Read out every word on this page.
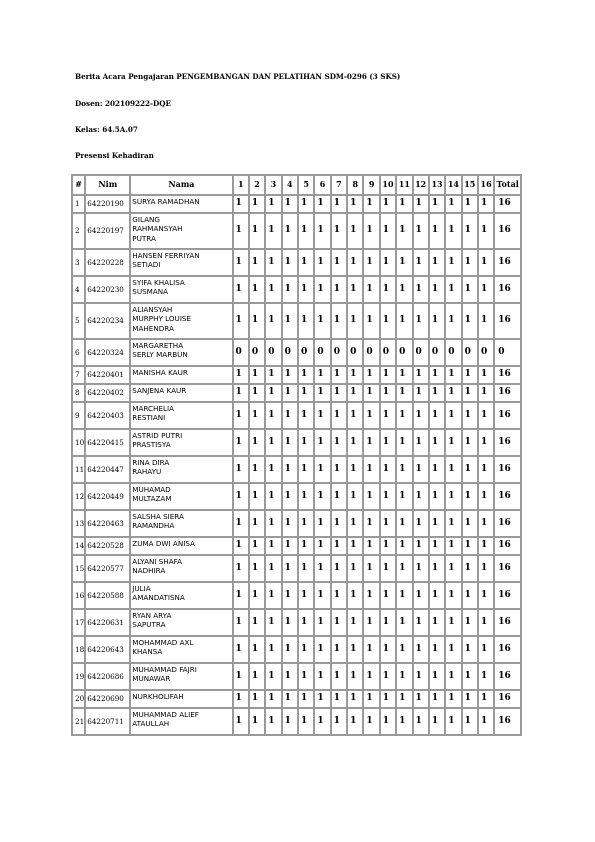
Berita Acara Pengajaran PENGEMBANGAN DAN PELATIHAN SDM-0296 (3 SKS)
Dosen: 202109222-DQE
Kelas: 64.5A.07
Presensi Kehadiran
#	Nim	Nama	1	2	3	4	5	6	7	8	9	10	11	12	13	14	15	16	Total
1	64220190	SURYA RAMADHAN	1	1	1	1	1	1	1	1	1	1	1	1	1	1	1	1	16
2	64220197	GILANG
RAHMANSYAH
PUTRA	1	1	1	1	1	1	1	1	1	1	1	1	1	1	1	1	16
3	64220228	HANSEN FERRIYAN
SETIADI	1	1	1	1	1	1	1	1	1	1	1	1	1	1	1	1	16
4	64220230	SYIFA KHALISA
SUSMANA	1	1	1	1	1	1	1	1	1	1	1	1	1	1	1	1	16
5	64220234	ALIANSYAH
MURPHY LOUISE
MAHENDRA	1	1	1	1	1	1	1	1	1	1	1	1	1	1	1	1	16
6	64220324	MARGARETHA
SERLY MARBUN	0	0	0	0	0	0	0	0	0	0	0	0	0	0	0	0	0
7	64220401	MANISHA KAUR	1	1	1	1	1	1	1	1	1	1	1	1	1	1	1	1	16
8	64220402	SANJENA KAUR	1	1	1	1	1	1	1	1	1	1	1	1	1	1	1	1	16
9	64220403	MARCHELIA
RESTIANI	1	1	1	1	1	1	1	1	1	1	1	1	1	1	1	1	16
10	64220415	ASTRID PUTRI
PRASTISYA	1	1	1	1	1	1	1	1	1	1	1	1	1	1	1	1	16
11	64220447	RINA DIRA
RAHAYU	1	1	1	1	1	1	1	1	1	1	1	1	1	1	1	1	16
12	64220449	MUHAMAD
MULTAZAM	1	1	1	1	1	1	1	1	1	1	1	1	1	1	1	1	16
13	64220463	SALSHA SIERA
RAMANDHA	1	1	1	1	1	1	1	1	1	1	1	1	1	1	1	1	16
14	64220528	ZUMA DWI ANISA	1	1	1	1	1	1	1	1	1	1	1	1	1	1	1	1	16
15	64220577	ALYANI SHAFA
NADHIRA	1	1	1	1	1	1	1	1	1	1	1	1	1	1	1	1	16
16	64220588	JULIA
AMANDATISNA	1	1	1	1	1	1	1	1	1	1	1	1	1	1	1	1	16
17	64220631	RYAN ARYA
SAPUTRA	1	1	1	1	1	1	1	1	1	1	1	1	1	1	1	1	16
18	64220643	MOHAMMAD AXL
KHANSA	1	1	1	1	1	1	1	1	1	1	1	1	1	1	1	1	16
19	64220686	MUHAMMAD FAJRI
MUNAWAR	1	1	1	1	1	1	1	1	1	1	1	1	1	1	1	1	16
20	64220690	NURKHOLIFAH	1	1	1	1	1	1	1	1	1	1	1	1	1	1	1	1	16
21	64220711	MUHAMMAD ALIEF
ATAULLAH	1	1	1	1	1	1	1	1	1	1	1	1	1	1	1	1	16
